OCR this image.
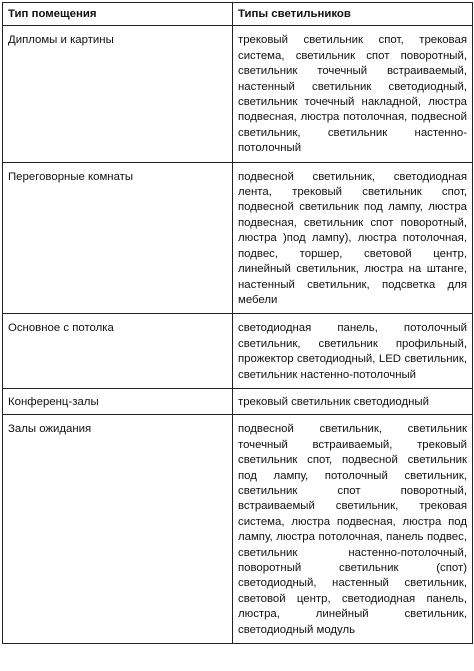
Тип помещения	Типы светильников
Дипломы и картины	трековый светильник спот, трековая система, светильник спот поворотный, светильник точечный встраиваемый, настенный светильник светодиодный, светильник точечный накладной, люстра подвесная, люстра потолочная, подвесной светильник, светильник настенно-потолочный
Переговорные комнаты	подвесной светильник, светодиодная лента, трековый светильник спот, подвесной светильник под лампу, люстра подвесная, светильник спот поворотный, люстра )под лампу), люстра потолочная, подвес, торшер, световой центр, линейный светильник, люстра на штанге, настенный светильник, подсветка для мебели
Основное с потолка	светодиодная панель, потолочный светильник, светильник профильный, прожектор светодиодный, LED светильник, светильник настенно-потолочный
Конференц-залы	трековый светильник светодиодный
Залы ожидания	подвесной светильник, светильник точечный встраиваемый, трековый светильник спот, подвесной светильник под лампу, потолочный светильник, светильник спот поворотный, встраиваемый светильник, трековая система, люстра подвесная, люстра под лампу, люстра потолочная, панель подвес, светильник настенно-потолочный, поворотный светильник (спот) светодиодный, настенный светильник, световой центр, светодиодная панель, люстра, линейный светильник, светодиодный модуль
